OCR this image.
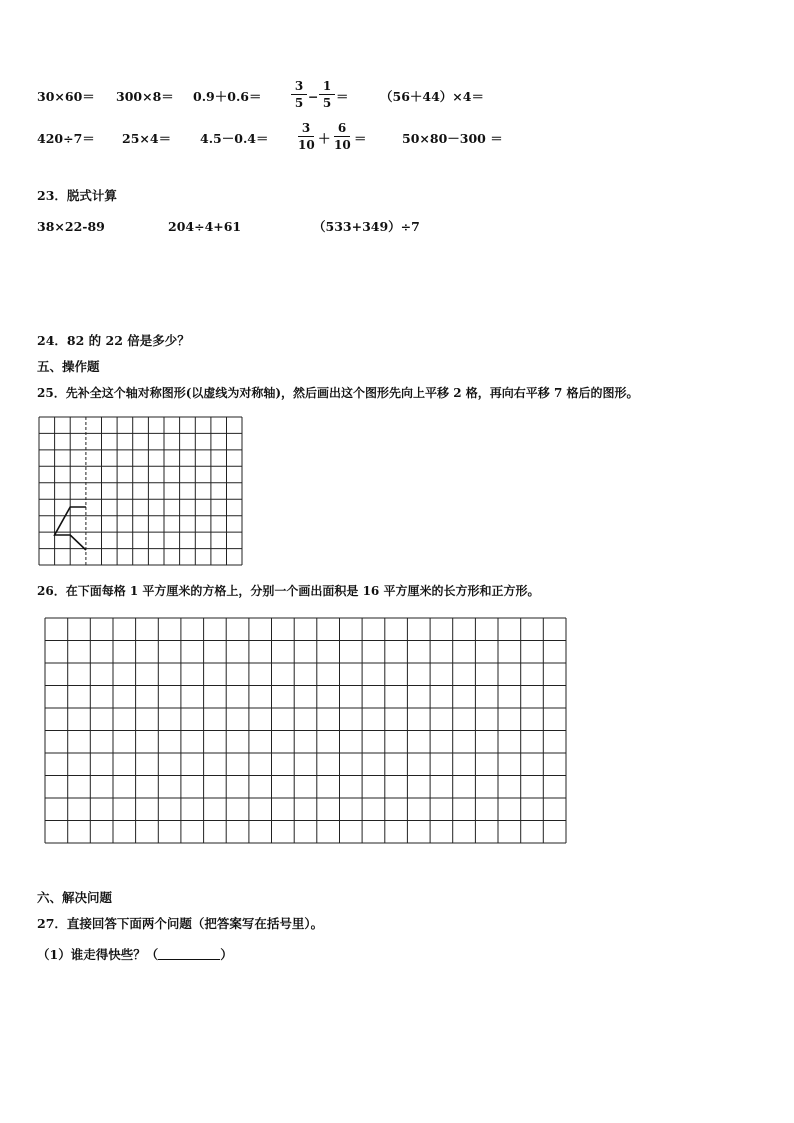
$30\times 60= 300\times 8= 0.9+0.6= \frac{3}{5} - \frac{1}{5}$ ＝	（56＋44）×4＝
$420\div 7= 25\times 4= 4.5-0.4= \frac{3}{10} + \frac{6}{10}$ ＝	50×80－300 ＝
23．脱式计算
38×22-89	204÷4+61	（533+349）÷7
24．82 的 22 倍是多少？
五、操作题
25．先补全这个轴对称图形(以虚线为对称轴)，然后画出这个图形先向上平移 2 格，再向右平移 7 格后的图形。
26．在下面每格 1 平方厘米的方格上，分别一个画出面积是 16 平方厘米的长方形和正方形。
六、解决问题
27．直接回答下面两个问题（把答案写在括号里）。
（1）谁走得快些？（	）
